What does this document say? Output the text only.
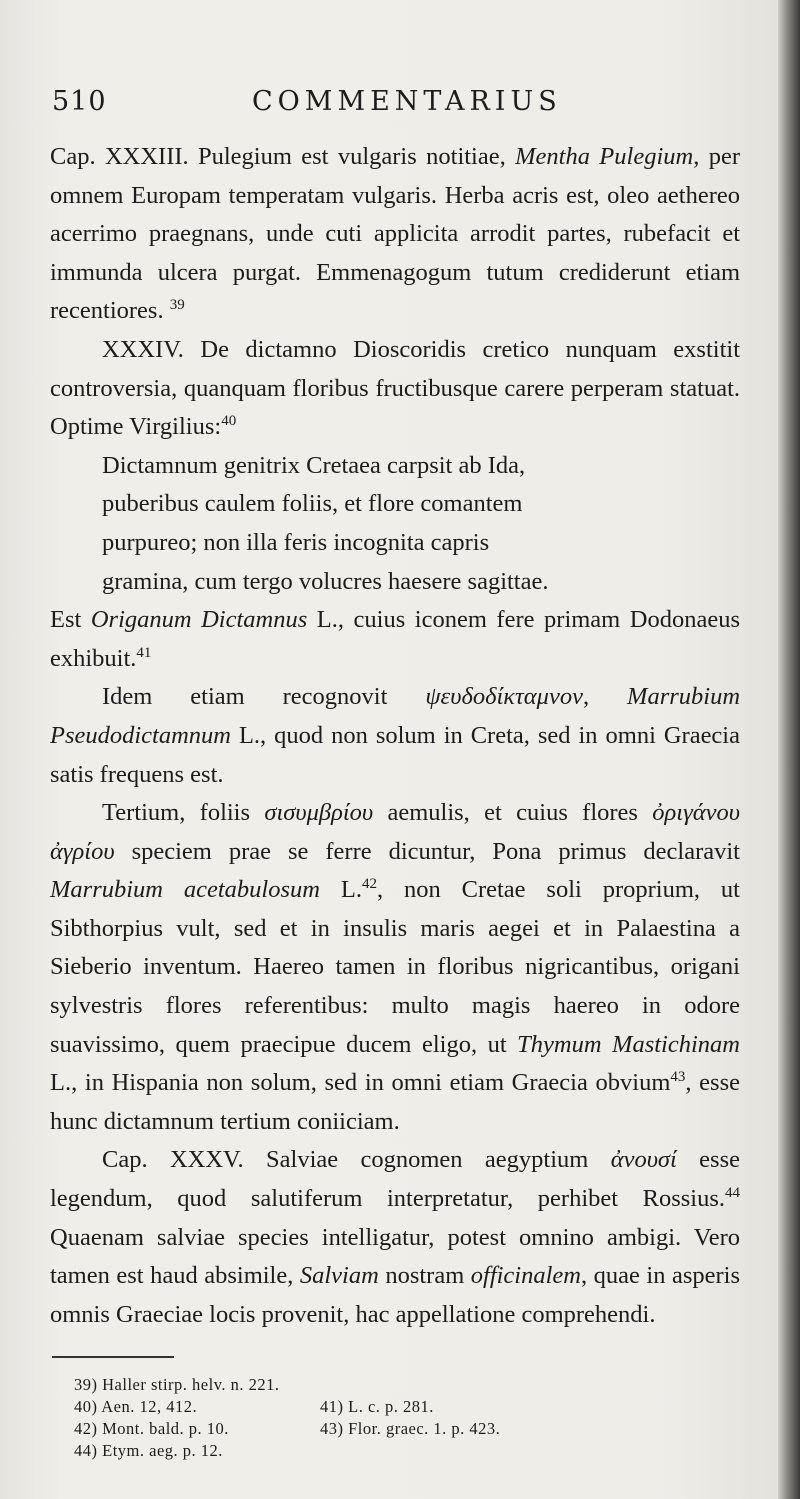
510	COMMENTARIUS

Cap. XXXIII. Pulegium est vulgaris notitiae, Mentha Pulegium, per omnem Europam temperatam vulgaris. Herba acris est, oleo aethereo acerrimo praegnans, unde cuti applicita arrodit partes, rubefacit et immunda ulcera purgat. Emmenagogum tutum crediderunt etiam recentiores. $^{39}$

XXXIV. De dictamno Dioscoridis cretico nunquam exstitit controversia, quanquam floribus fructibusque carere perperam statuat. Optime Virgilius:$^{40}$

Dictamnum genitrix Cretaea carpsit ab Ida,
puberibus caulem foliis, et flore comantem
purpureo; non illa feris incognita capris
gramina, cum tergo volucres haesere sagittae.

Est Origanum Dictamnus L., cuius iconem fere primam Dodonaeus exhibuit.$^{41}$

Idem etiam recognovit ψευδοδίκταμνον, Marrubium Pseudodictamnum L., quod non solum in Creta, sed in omni Graecia satis frequens est.

Tertium, foliis σισυμβρίου aemulis, et cuius flores ὀριγάνου ἀγρίου speciem prae se ferre dicuntur, Pona primus declaravit Marrubium acetabulosum L.$^{42}$, non Cretae soli proprium, ut Sibthorpius vult, sed et in insulis maris aegei et in Palaestina a Sieberio inventum. Haereo tamen in floribus nigricantibus, origani sylvestris flores referentibus: multo magis haereo in odore suavissimo, quem praecipue ducem eligo, ut Thymum Mastichinam L., in Hispania non solum, sed in omni etiam Graecia obvium$^{43}$, esse hunc dictamnum tertium coniiciam.

Cap. XXXV. Salviae cognomen aegyptium ἀνουσί esse legendum, quod salutiferum interpretatur, perhibet Rossius.$^{44}$ Quaenam salviae species intelligatur, potest omnino ambigi. Vero tamen est haud absimile, Salviam nostram officinalem, quae in asperis omnis Graeciae locis provenit, hac appellatione comprehendi.

39) Haller stirp. helv. n. 221.
40) Aen. 12, 412.	41) L. c. p. 281.
42) Mont. bald. p. 10.	43) Flor. graec. 1. p. 423.
44) Etym. aeg. p. 12.
